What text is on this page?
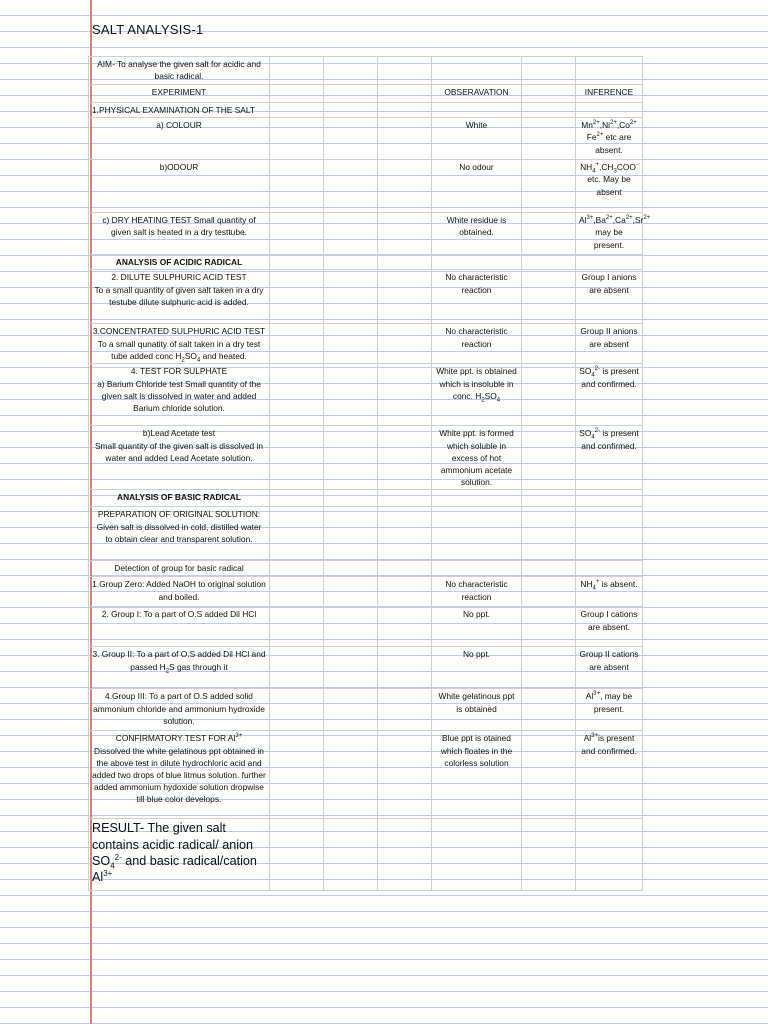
SALT ANALYSIS-1
AIM- To analyse the given salt for acidic and basic radical.						
EXPERIMENT				OBSERAVATION		INFERENCE
1.PHYSICAL EXAMINATION OF THE SALT						
a) COLOUR				White		$Mn^{2+},Ni^{2+},Co^{2+}$ $Fe^{2+}$ etc are absent.
b)ODOUR				No odour		$NH_4^+,CH_3COO^-$ etc. May be absent
c) DRY HEATING TEST Small quantity of given salt is heated in a dry testtube.				White residue is obtained.		$Al^{3+},Ba^{2+},Ca^{2+},Sr^{2+}$ may be present.
ANALYSIS OF ACIDIC RADICAL						

2. DILUTE SULPHURIC ACID TEST
To a small quantity of given salt taken in a dry testube dilute sulphuric acid is added.				No characteristic reaction		Group I anions are absent

3.CONCENTRATED SULPHURIC ACID TEST
To a small qunatity of salt taken in a dry test tube added conc $H_2SO_4$ and heated.				No characteristic reaction		Group II anions are absent

4. TEST FOR SULPHATE
a) Barium Chloride test Small quantity of the given salt is dissolved in water and added Barium chloride solution.				White ppt. is obtained which is insoluble in conc. $H_2SO_4$		$SO_4^{2-}$ is present and confirmed.
b)Lead Acetate test
Small quantity of the given salt is dissolved in water and added Lead Acetate solution.				White ppt. is formed which soluble in excess of hot ammonium acetate solution.		$SO_4^{2-}$ is present and confirmed.
ANALYSIS OF BASIC RADICAL						

PREPARATION OF ORIGINAL SOLUTION:
Given salt is dissolved in cold, distilled water to obtain clear and transparent solution.						

Detection of group for basic radical						
1.Group Zero: Added NaOH to original solution and boiled.				No characteristic reaction		$NH_4^+$ is absent.
2. Group I: To a part of O.S added Dil HCl				No ppt.		Group I cations are absent.
3. Group II: To a part of O.S added Dil HCl and passed $H_2S$ gas through it				No ppt.		Group II cations are absent
4.Group III: To a part of O.S added solid ammonium chloride and ammonium hydroxide solution.				White gelatinous ppt is obtained		$Al^{3+}$, may be present.

CONFIRMATORY TEST FOR $Al^{3+}$
Dissolved the white gelatinous ppt obtained in the above test in dilute hydrochloric acid and added two drops of blue litmus solution. further added ammonium hydoxide solution dropwise till blue color develops.				Blue ppt is otained which floates in the colorless solution		$Al^{3+}is$ present and confirmed.
RESULT- The given salt contains acidic radical/ anion $SO_4^{2-}$ and basic radical/cation $Al^{3+}$						
